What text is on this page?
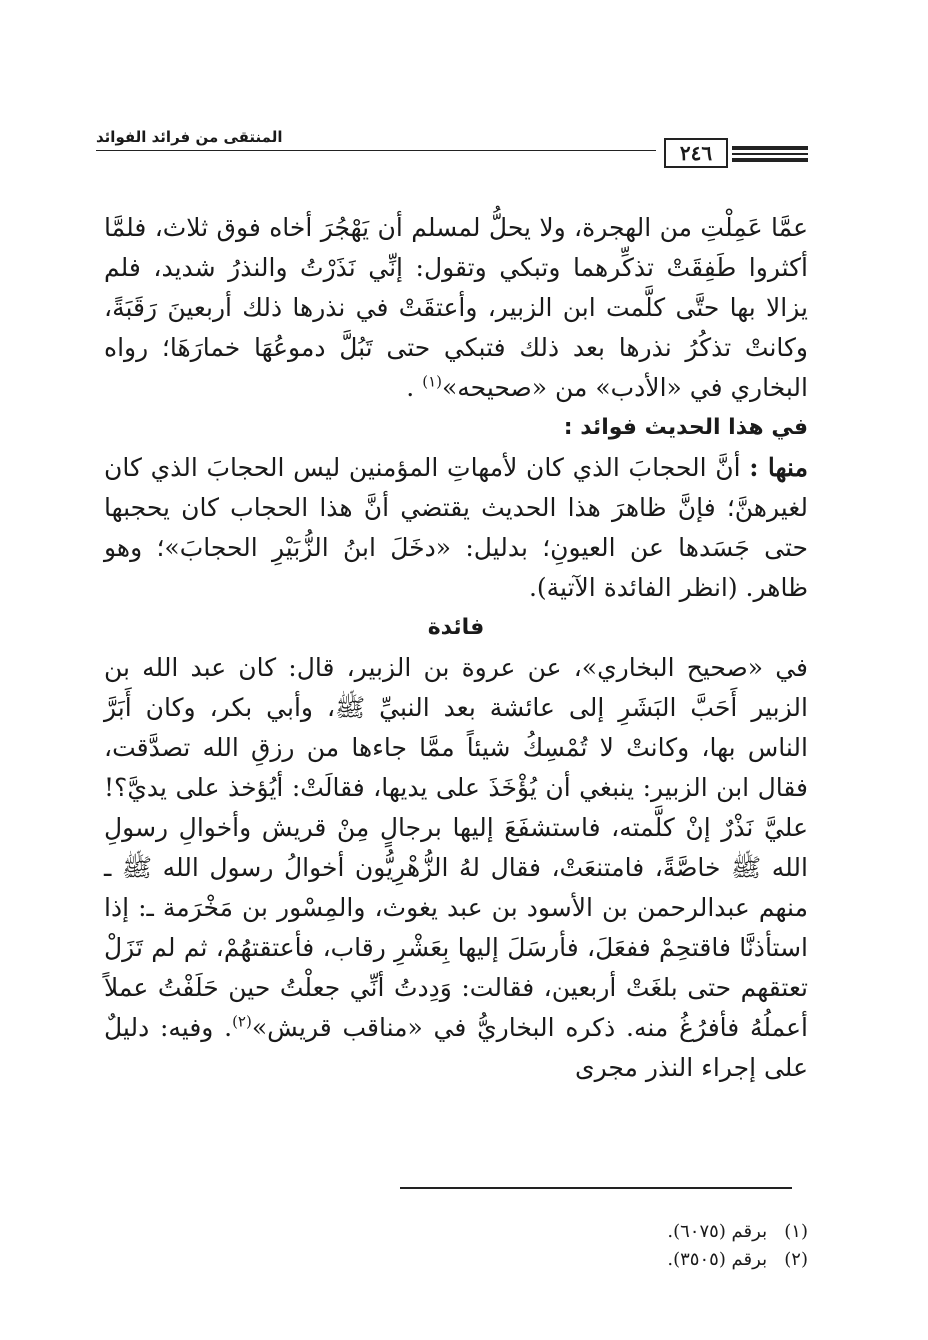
المنتقى من فرائد الفوائد
٢٤٦

عمَّا عَمِلْتِ من الهجرة، ولا يحلُّ لمسلم أن يَهْجُرَ أخاه فوق ثلاث، فلمَّا أكثروا طَفِقَتْ تذكِّرهما وتبكي وتقول: إنِّي نَذَرْتُ والنذرُ شديد، فلم يزالا بها حتَّى كلَّمت ابن الزبير، وأعتقَتْ في نذرها ذلك أربعينَ رَقَبَةً، وكانتْ تذكُرُ نذرها بعد ذلك فتبكي حتى تَبُلَّ دموعُهَا خمارَهَا؛ رواه البخاري في «الأدب» من «صحيحه»$^{(١)}$ .

في هذا الحديث فوائد :

منها : أنَّ الحجابَ الذي كان لأمهاتِ المؤمنين ليس الحجابَ الذي كان لغيرهنَّ؛ فإنَّ ظاهرَ هذا الحديث يقتضي أنَّ هذا الحجاب كان يحجبها حتى جَسَدها عن العيونِ؛ بدليل: «دخَلَ ابنُ الزُّبَيْرِ الحجابَ»؛ وهو ظاهر. (انظر الفائدة الآتية).

فائدة

في «صحيح البخاري»، عن عروة بن الزبير، قال: كان عبد الله بن الزبير أَحَبَّ البَشَرِ إلى عائشة بعد النبيِّ ﷺ، وأبي بكر، وكان أَبَرَّ الناس بها، وكانتْ لا تُمْسِكُ شيئاً ممَّا جاءها من رزقِ الله تصدَّقت، فقال ابن الزبير: ينبغي أن يُؤْخَذَ على يديها، فقالَتْ: أيُؤخذ على يديَّ؟! عليَّ نَذْرٌ إنْ كلَّمته، فاستشفَعَ إليها برجالٍ مِنْ قريش وأخوالِ رسولِ الله ﷺ خاصَّةً، فامتنعَتْ، فقال لهُ الزُّهْرِيُّون أخوالُ رسول الله ﷺ ـ منهم عبدالرحمن بن الأسود بن عبد يغوث، والمِسْور بن مَخْرَمة ـ: إذا استأذنَّا فاقتحِمْ ففعَلَ، فأرسَلَ إليها بِعَشْرِ رقاب، فأعتقتهُمْ، ثم لم تَزَلْ تعتقهم حتى بلغَتْ أربعين، فقالت: وَدِدتُ أنِّي جعلْتُ حين حَلَفْتُ عملاً أعملُهُ فأفرُغُ منه. ذكره البخاريُّ في «مناقب قريش»$^{(٢)}$. وفيه: دليلٌ على إجراء النذر مجرى

(١)   برقم (٦٠٧٥).
(٢)   برقم (٣٥٠٥).
